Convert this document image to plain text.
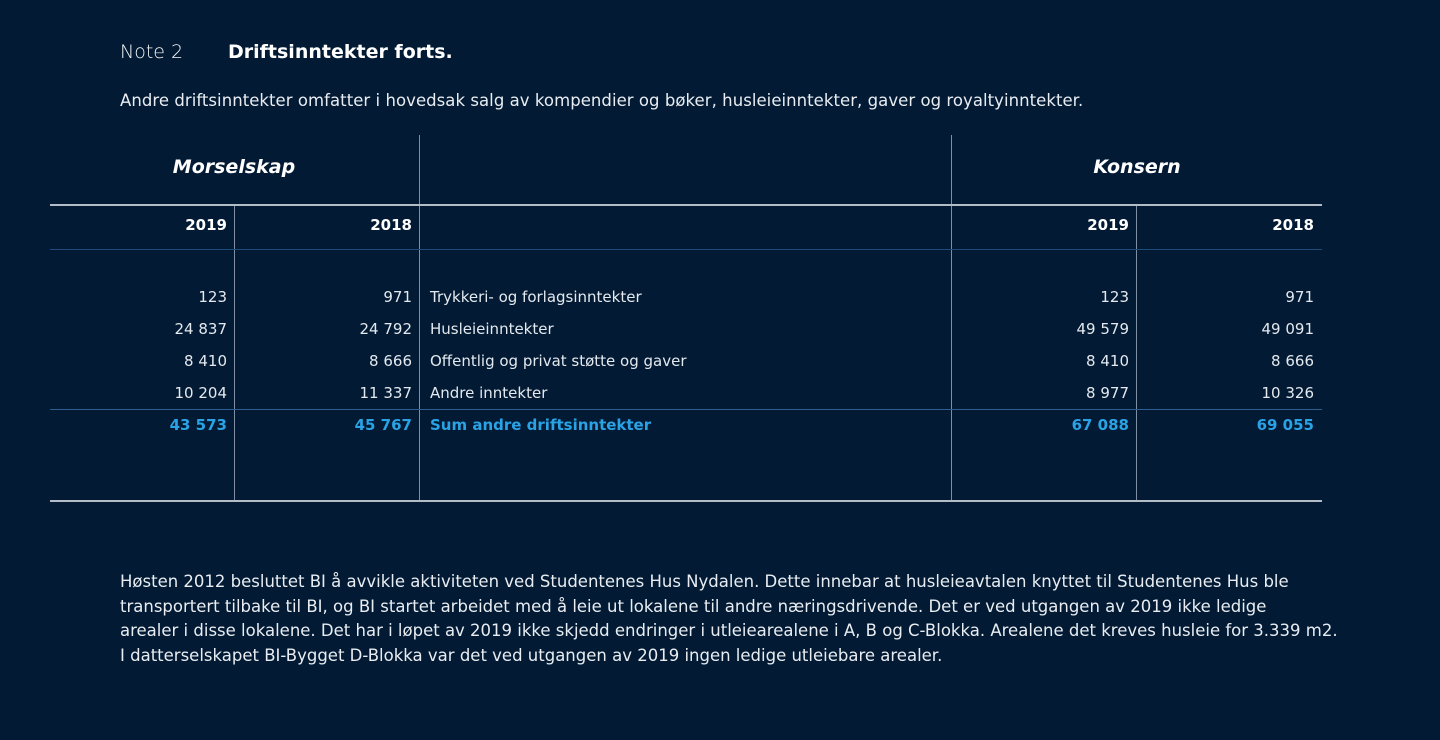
Note 2 Driftsinntekter forts.
Andre driftsinntekter omfatter i hovedsak salg av kompendier og bøker, husleieinntekter, gaver og royaltyinntekter.
Morselskap	Konsern
2019	2018	2019	2018
123	971 Trykkeri- og forlagsinntekter	123	971
24 837	24 792 Husleieinntekter	49 579	49 091
8 410	8 666 Offentlig og privat støtte og gaver	8 410	8 666
10 204	11 337 Andre inntekter	8 977	10 326
43 573	45 767 Sum andre driftsinntekter	67 088	69 055
Høsten 2012 besluttet BI å avvikle aktiviteten ved Studentenes Hus Nydalen. Dette innebar at husleieavtalen knyttet til Studentenes Hus ble
transportert tilbake til BI, og BI startet arbeidet med å leie ut lokalene til andre næringsdrivende. Det er ved utgangen av 2019 ikke ledige
arealer i disse lokalene. Det har i løpet av 2019 ikke skjedd endringer i utleiearealene i A, B og C-Blokka. Arealene det kreves husleie for 3.339 m2.
I datterselskapet BI-Bygget D-Blokka var det ved utgangen av 2019 ingen ledige utleiebare arealer.
